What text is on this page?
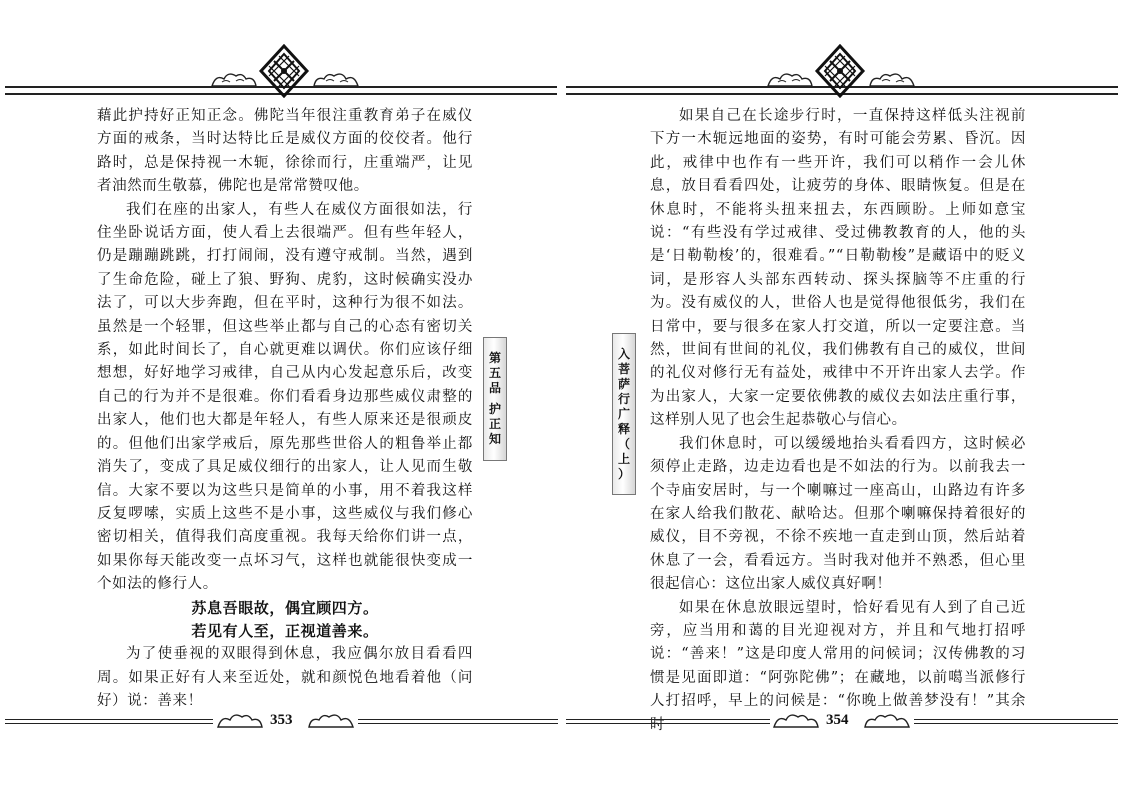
藉此护持好正知正念。佛陀当年很注重教育弟子在威仪方面的戒条，当时达特比丘是威仪方面的佼佼者。他行路时，总是保持视一木轭，徐徐而行，庄重端严，让见者油然而生敬慕，佛陀也是常常赞叹他。

我们在座的出家人，有些人在威仪方面很如法，行住坐卧说话方面，使人看上去很端严。但有些年轻人，仍是蹦蹦跳跳，打打闹闹，没有遵守戒制。当然，遇到了生命危险，碰上了狼、野狗、虎豹，这时候确实没办法了，可以大步奔跑，但在平时，这种行为很不如法。虽然是一个轻罪，但这些举止都与自己的心态有密切关系，如此时间长了，自心就更难以调伏。你们应该仔细想想，好好地学习戒律，自己从内心发起意乐后，改变自己的行为并不是很难。你们看看身边那些威仪肃整的出家人，他们也大都是年轻人，有些人原来还是很顽皮的。但他们出家学戒后，原先那些世俗人的粗鲁举止都消失了，变成了具足威仪细行的出家人，让人见而生敬信。大家不要以为这些只是简单的小事，用不着我这样反复啰嗦，实质上这些不是小事，这些威仪与我们修心密切相关，值得我们高度重视。我每天给你们讲一点，如果你每天能改变一点坏习气，这样也就能很快变成一个如法的修行人。

苏息吾眼故，偶宜顾四方。
若见有人至，正视道善来。

为了使垂视的双眼得到休息，我应偶尔放目看看四周。如果正好有人来至近处，就和颜悦色地看着他（问好）说：善来！

第
五
品
护
正
知
353
入
菩
萨
行
广
释
（
上
）

如果自己在长途步行时，一直保持这样低头注视前下方一木轭远地面的姿势，有时可能会劳累、昏沉。因此，戒律中也作有一些开许，我们可以稍作一会儿休息，放目看看四处，让疲劳的身体、眼睛恢复。但是在休息时，不能将头扭来扭去，东西顾盼。上师如意宝说：“有些没有学过戒律、受过佛教教育的人，他的头是‘日勒勒梭’的，很难看。”“日勒勒梭”是藏语中的贬义词，是形容人头部东西转动、探头探脑等不庄重的行为。没有威仪的人，世俗人也是觉得他很低劣，我们在日常中，要与很多在家人打交道，所以一定要注意。当然，世间有世间的礼仪，我们佛教有自己的威仪，世间的礼仪对修行无有益处，戒律中不开许出家人去学。作为出家人，大家一定要依佛教的威仪去如法庄重行事，这样别人见了也会生起恭敬心与信心。

我们休息时，可以缓缓地抬头看看四方，这时候必须停止走路，边走边看也是不如法的行为。以前我去一个寺庙安居时，与一个喇嘛过一座高山，山路边有许多在家人给我们散花、献哈达。但那个喇嘛保持着很好的威仪，目不旁视，不徐不疾地一直走到山顶，然后站着休息了一会，看看远方。当时我对他并不熟悉，但心里很起信心：这位出家人威仪真好啊！

如果在休息放眼远望时，恰好看见有人到了自己近旁，应当用和蔼的目光迎视对方，并且和气地打招呼说：“善来！”这是印度人常用的问候词；汉传佛教的习惯是见面即道：“阿弥陀佛”；在藏地，以前噶当派修行人打招呼，早上的问候是：“你晚上做善梦没有！”其余时	354
